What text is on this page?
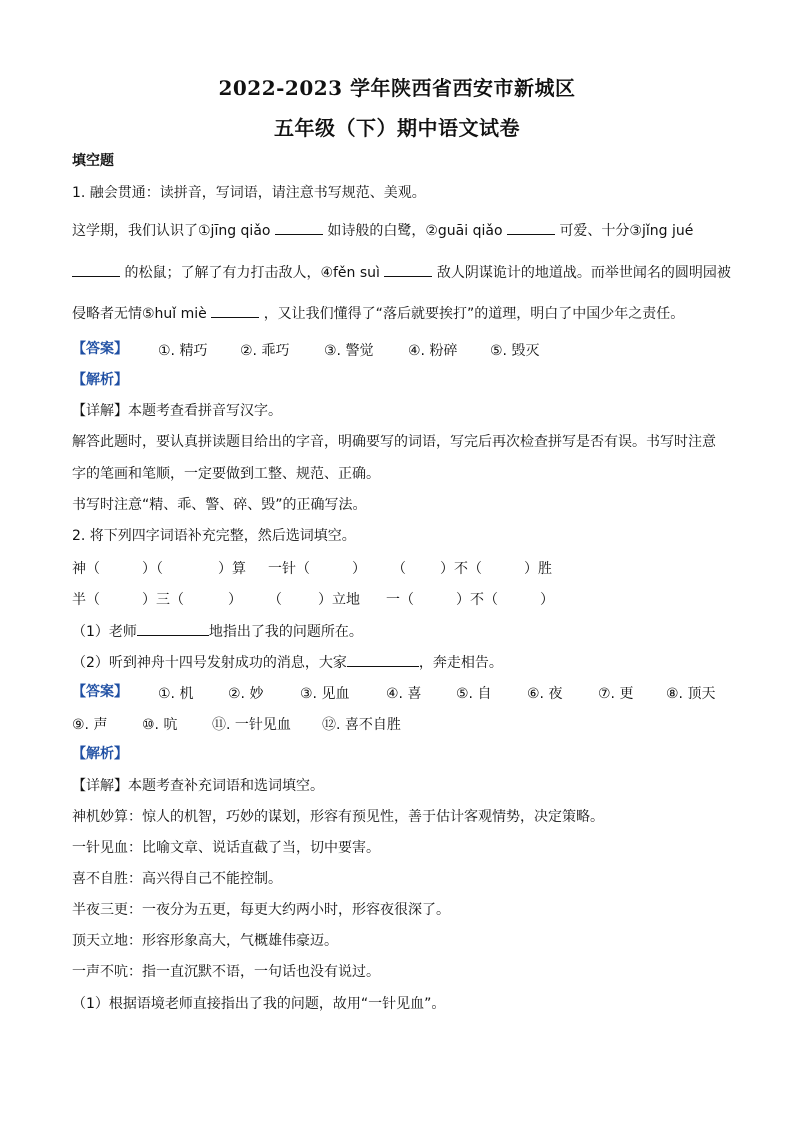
2022-2023 学年陕西省西安市新城区
五年级（下）期中语文试卷
填空题
1. 融会贯通：读拼音，写词语，请注意书写规范、美观。
这学期，我们认识了①jīng qiǎo	如诗般的白鹭，②guāi qiǎo	可爱、十分③jǐng jué
的松鼠；了解了有力打击敌人，④fěn suì	敌人阴谋诡计的地道战。而举世闻名的圆明园被
侵略者无情⑤huǐ miè	，又让我们懂得了“落后就要挨打”的道理，明白了中国少年之责任。
【答案】 ①. 精巧 ②. 乖巧 ③. 警觉 ④. 粉碎 ⑤. 毁灭
【解析】
【详解】本题考查看拼音写汉字。
解答此题时，要认真拼读题目给出的字音，明确要写的词语，写完后再次检查拼写是否有误。书写时注意
字的笔画和笔顺，一定要做到工整、规范、正确。
书写时注意“精、乖、警、碎、毁”的正确写法。
2. 将下列四字词语补充完整，然后选词填空。
神（	）（	）算 一针（	） （ ）不（	）胜
半（	）三（	） （	）立地 一（	）不（	）
（1）老师	地指出了我的问题所在。
（2）听到神舟十四号发射成功的消息，大家	，奔走相告。
【答案】 ①. 机 ②. 妙	③. 见血	④. 喜 ⑤. 自	⑥. 夜	⑦. 更 ⑧. 顶天
⑨. 声 ⑩. 吭 ⑪. 一针见血 ⑫. 喜不自胜
【解析】
【详解】本题考查补充词语和选词填空。
神机妙算：惊人的机智，巧妙的谋划，形容有预见性，善于估计客观情势，决定策略。
一针见血：比喻文章、说话直截了当，切中要害。
喜不自胜：高兴得自己不能控制。
半夜三更：一夜分为五更，每更大约两小时，形容夜很深了。
顶天立地：形容形象高大，气概雄伟豪迈。
一声不吭：指一直沉默不语，一句话也没有说过。
（1）根据语境老师直接指出了我的问题，故用“一针见血”。
